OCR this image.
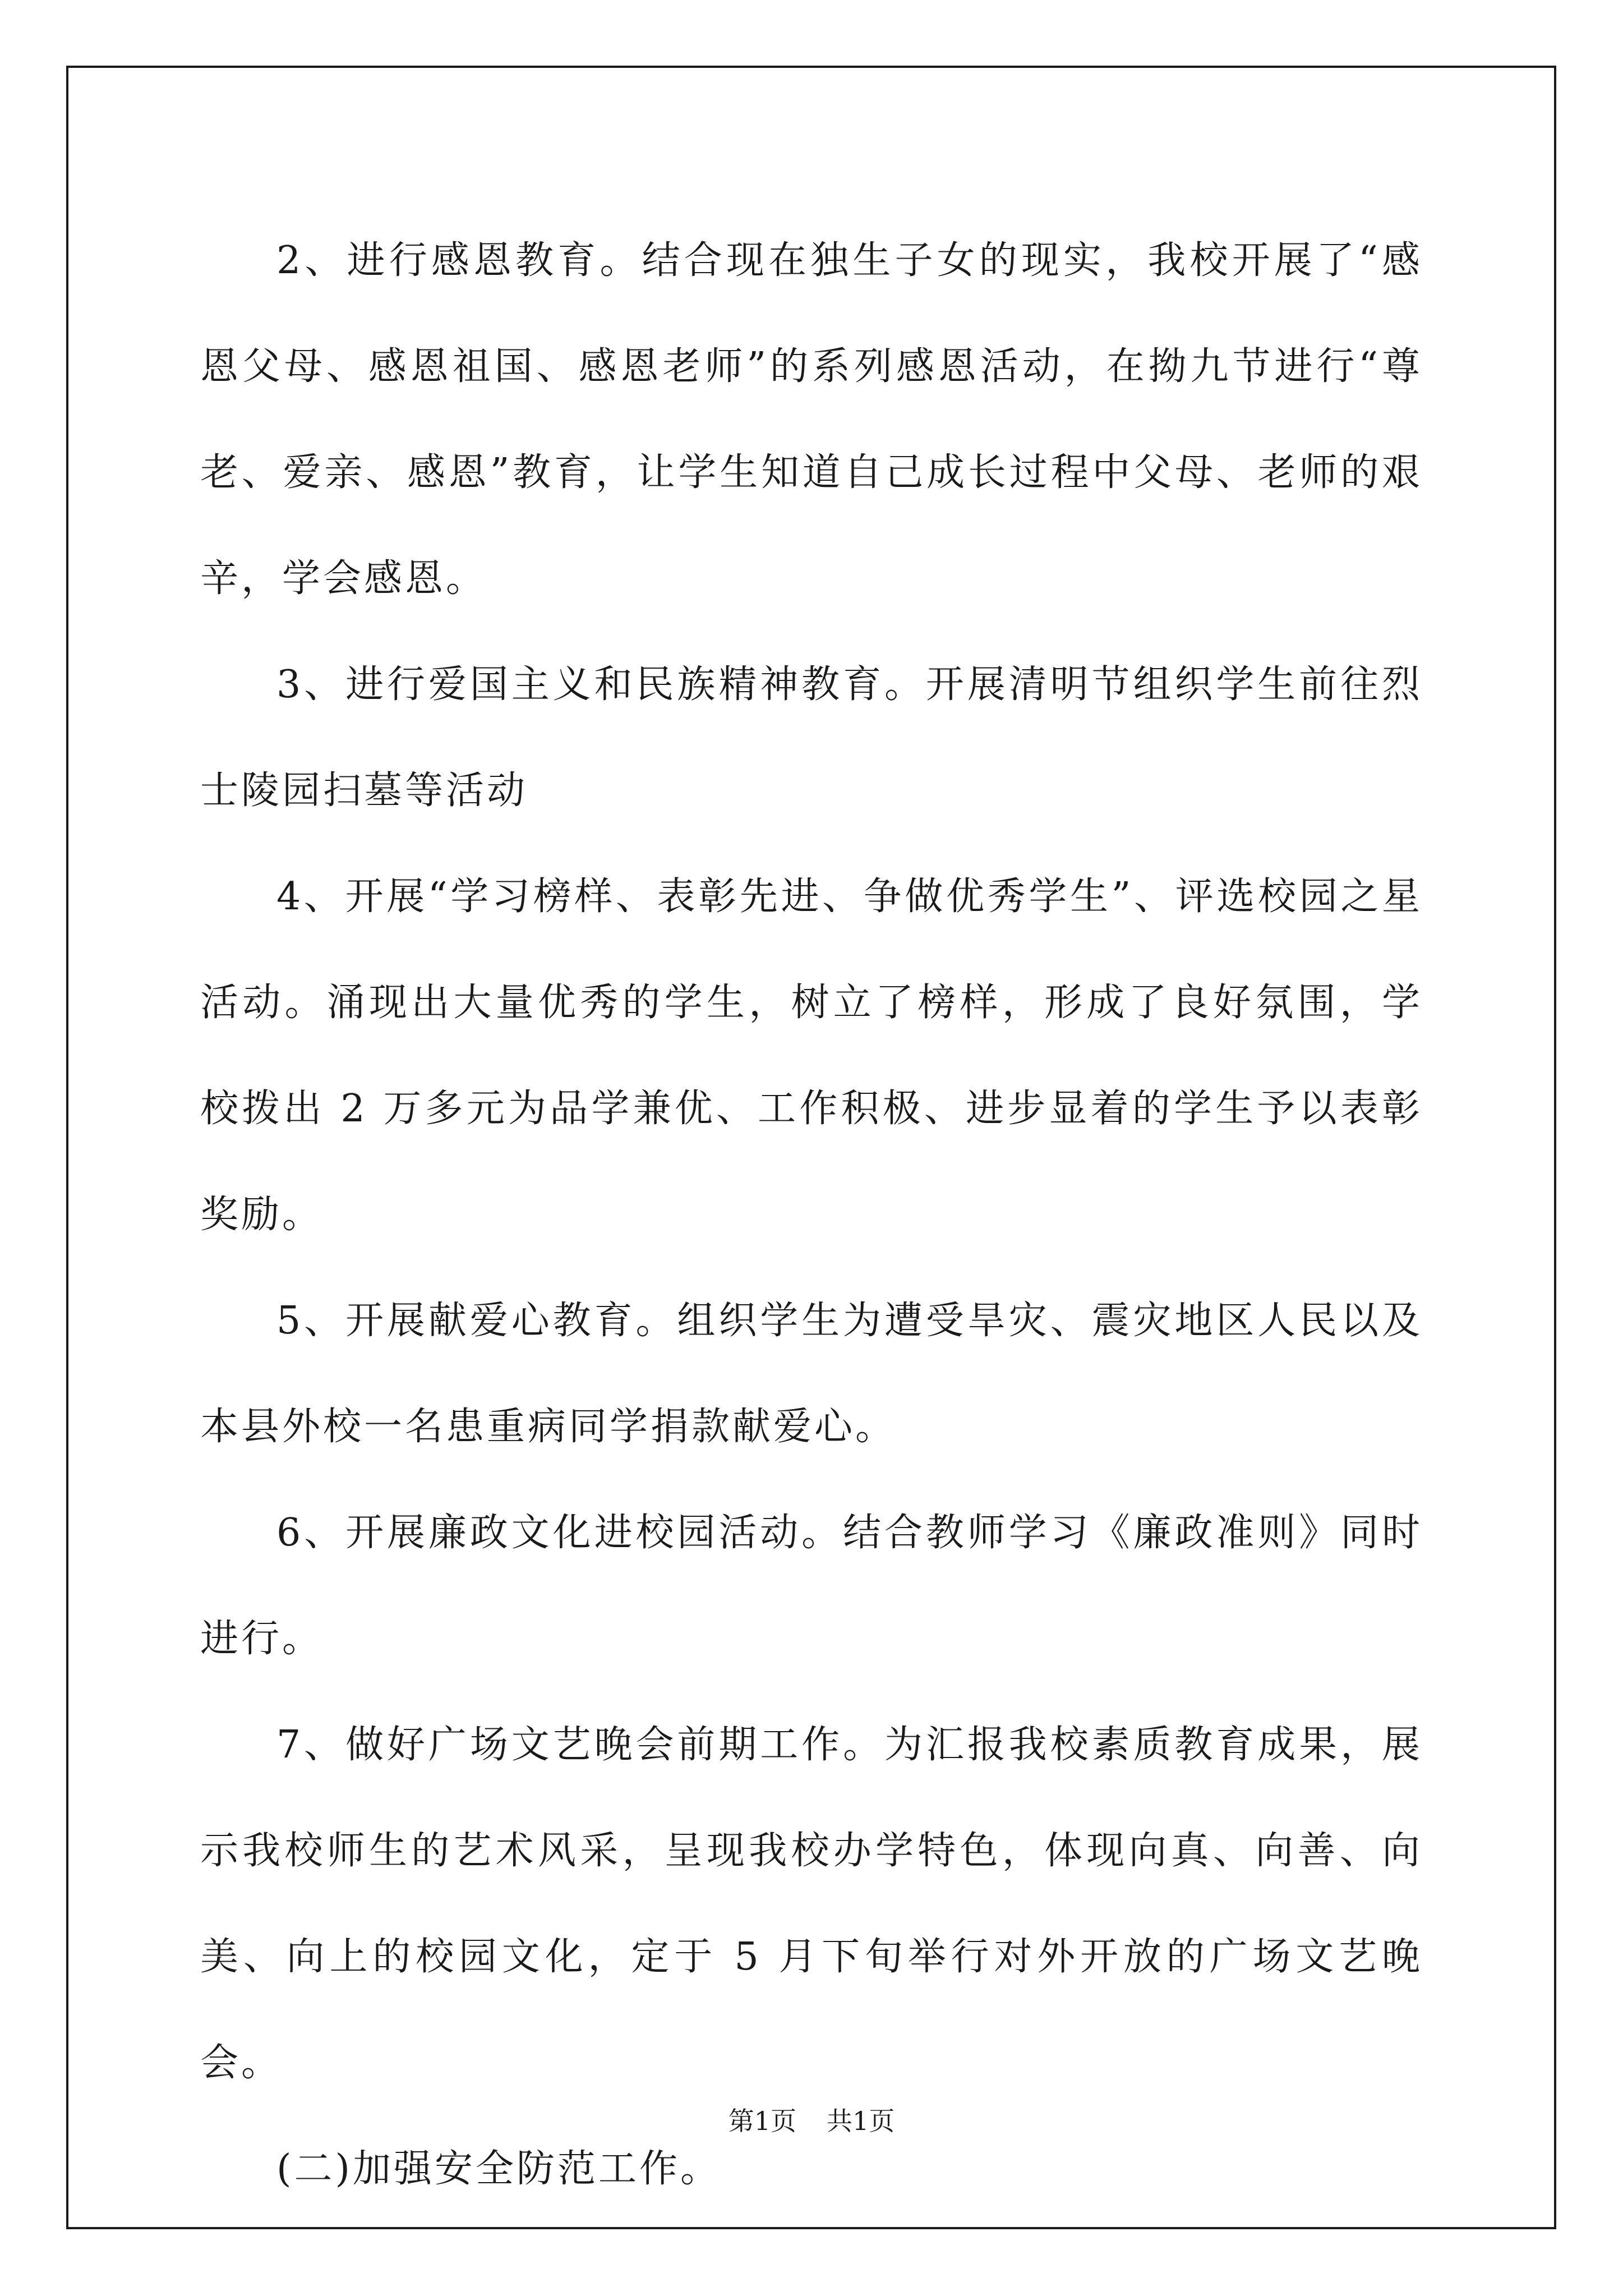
2、进行感恩教育。结合现在独生子女的现实，我校开展了“感恩父母、感恩祖国、感恩老师”的系列感恩活动，在拗九节进行“尊老、爱亲、感恩”教育，让学生知道自己成长过程中父母、老师的艰辛，学会感恩。

3、进行爱国主义和民族精神教育。开展清明节组织学生前往烈士陵园扫墓等活动

4、开展“学习榜样、表彰先进、争做优秀学生”、评选校园之星活动。涌现出大量优秀的学生，树立了榜样，形成了良好氛围，学校拨出 2 万多元为品学兼优、工作积极、进步显着的学生予以表彰奖励。

5、开展献爱心教育。组织学生为遭受旱灾、震灾地区人民以及本县外校一名患重病同学捐款献爱心。

6、开展廉政文化进校园活动。结合教师学习《廉政准则》同时进行。

7、做好广场文艺晚会前期工作。为汇报我校素质教育成果，展示我校师生的艺术风采，呈现我校办学特色，体现向真、向善、向美、向上的校园文化，定于 5 月下旬举行对外开放的广场文艺晚会。

(二)加强安全防范工作。

第1页 共1页
